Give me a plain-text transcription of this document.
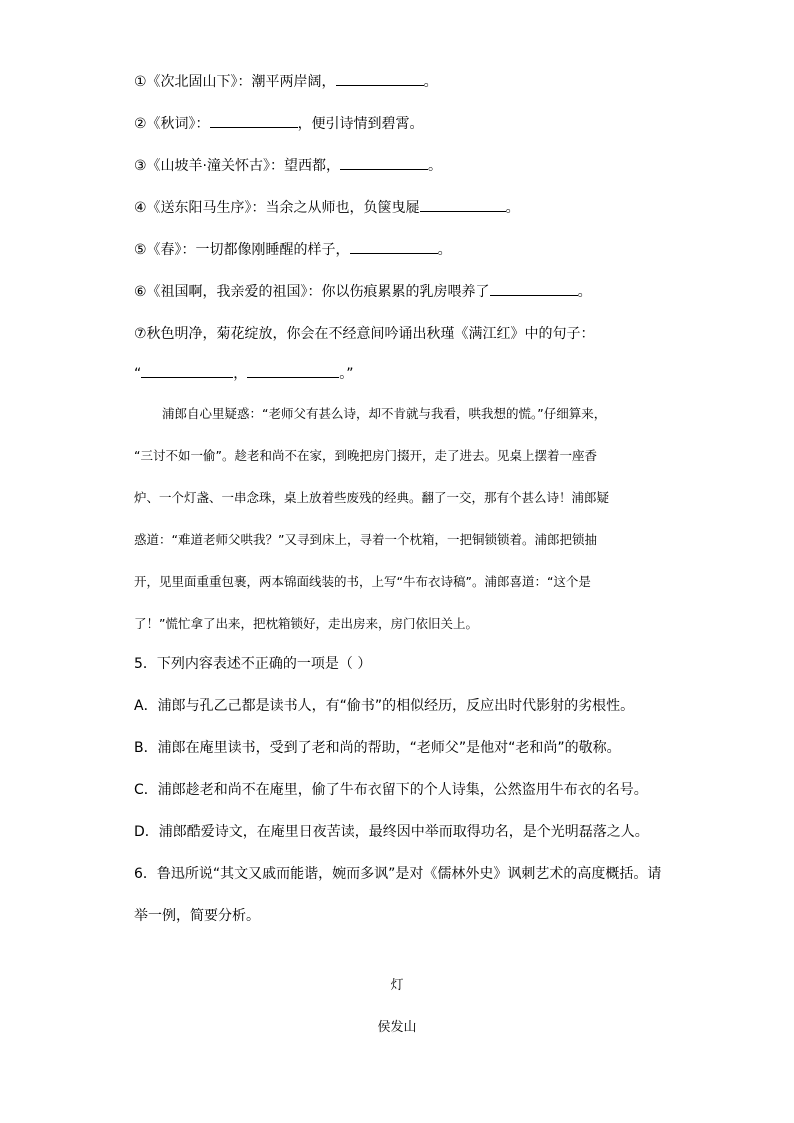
①《次北固山下》：潮平两岸阔，	。
②《秋词》：	，便引诗情到碧霄。
③《山坡羊·潼关怀古》：望西都，	。
④《送东阳马生序》：当余之从师也，负箧曳屣	。
⑤《春》：一切都像刚睡醒的样子，	。
⑥《祖国啊，我亲爱的祖国》：你以伤痕累累的乳房喂养了	。
⑦秋色明净，菊花绽放，你会在不经意间吟诵出秋瑾《满江红》中的句子：
“	，	。”
浦郎自心里疑惑：“老师父有甚么诗，却不肯就与我看，哄我想的慌。”仔细算来，
“三讨不如一偷”。趁老和尚不在家，到晚把房门掇开，走了进去。见桌上摆着一座香
炉、一个灯盏、一串念珠，桌上放着些废残的经典。翻了一交，那有个甚么诗！浦郎疑
惑道：“难道老师父哄我？”又寻到床上，寻着一个枕箱，一把铜锁锁着。浦郎把锁抽
开，见里面重重包裹，两本锦面线装的书，上写“牛布衣诗稿”。浦郎喜道：“这个是
了！”慌忙拿了出来，把枕箱锁好，走出房来，房门依旧关上。
5．下列内容表述不正确的一项是（ ）
A．浦郎与孔乙己都是读书人，有“偷书”的相似经历，反应出时代影射的劣根性。
B．浦郎在庵里读书，受到了老和尚的帮助，“老师父”是他对“老和尚”的敬称。
C．浦郎趁老和尚不在庵里，偷了牛布衣留下的个人诗集，公然盗用牛布衣的名号。
D．浦郎酷爱诗文，在庵里日夜苦读，最终因中举而取得功名，是个光明磊落之人。
6．鲁迅所说“其文又戚而能谐，婉而多讽”是对《儒林外史》讽刺艺术的高度概括。请
举一例，简要分析。
灯
侯发山
